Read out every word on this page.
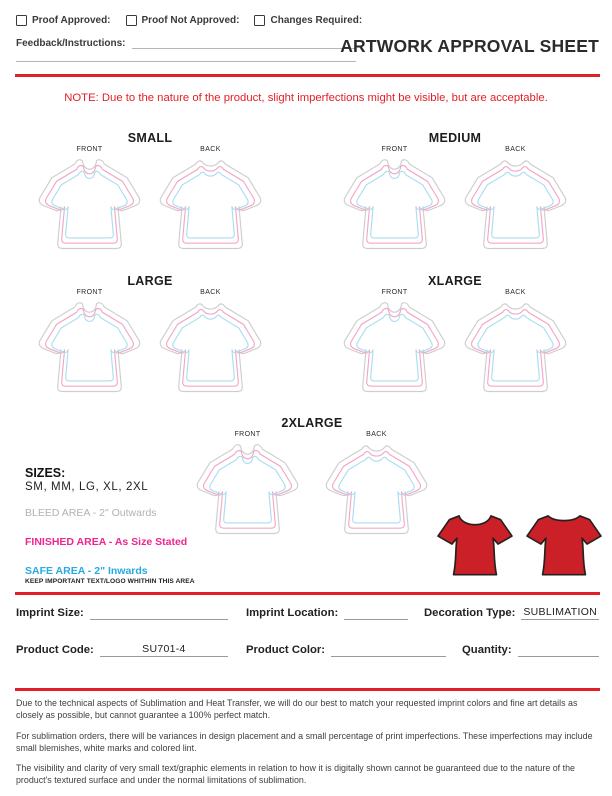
Proof Approved:	Proof Not Approved:	Changes Required:
Feedback/Instructions:	ARTWORK APPROVAL SHEET
NOTE: Due to the nature of the product, slight imperfections might be visible, but are acceptable.
SMALL
FRONT	BACK
MEDIUM
FRONT	BACK
LARGE
FRONT	BACK
XLARGE
FRONT	BACK
2XLARGE
FRONT	BACK
SIZES:
SM, MM, LG, XL, 2XL
BLEED AREA - 2" Outwards
FINISHED AREA - As Size Stated
SAFE AREA - 2" Inwards
KEEP IMPORTANT TEXT/LOGO WHITHIN THIS AREA
Imprint Size:	Imprint Location:	Decoration Type: SUBLIMATION
Product Code:	SU701-4	Product Color:	Quantity:

Due to the technical aspects of Sublimation and Heat Transfer, we will do our best to match your requested imprint colors and fine art details as closely as possible, but cannot guarantee a 100% perfect match.

For sublimation orders, there will be variances in design placement and a small percentage of print imperfections. These imperfections may include small blemishes, white marks and colored lint.

The visibility and clarity of very small text/graphic elements in relation to how it is digitally shown cannot be guaranteed due to the nature of the product's textured surface and under the normal limitations of sublimation.
